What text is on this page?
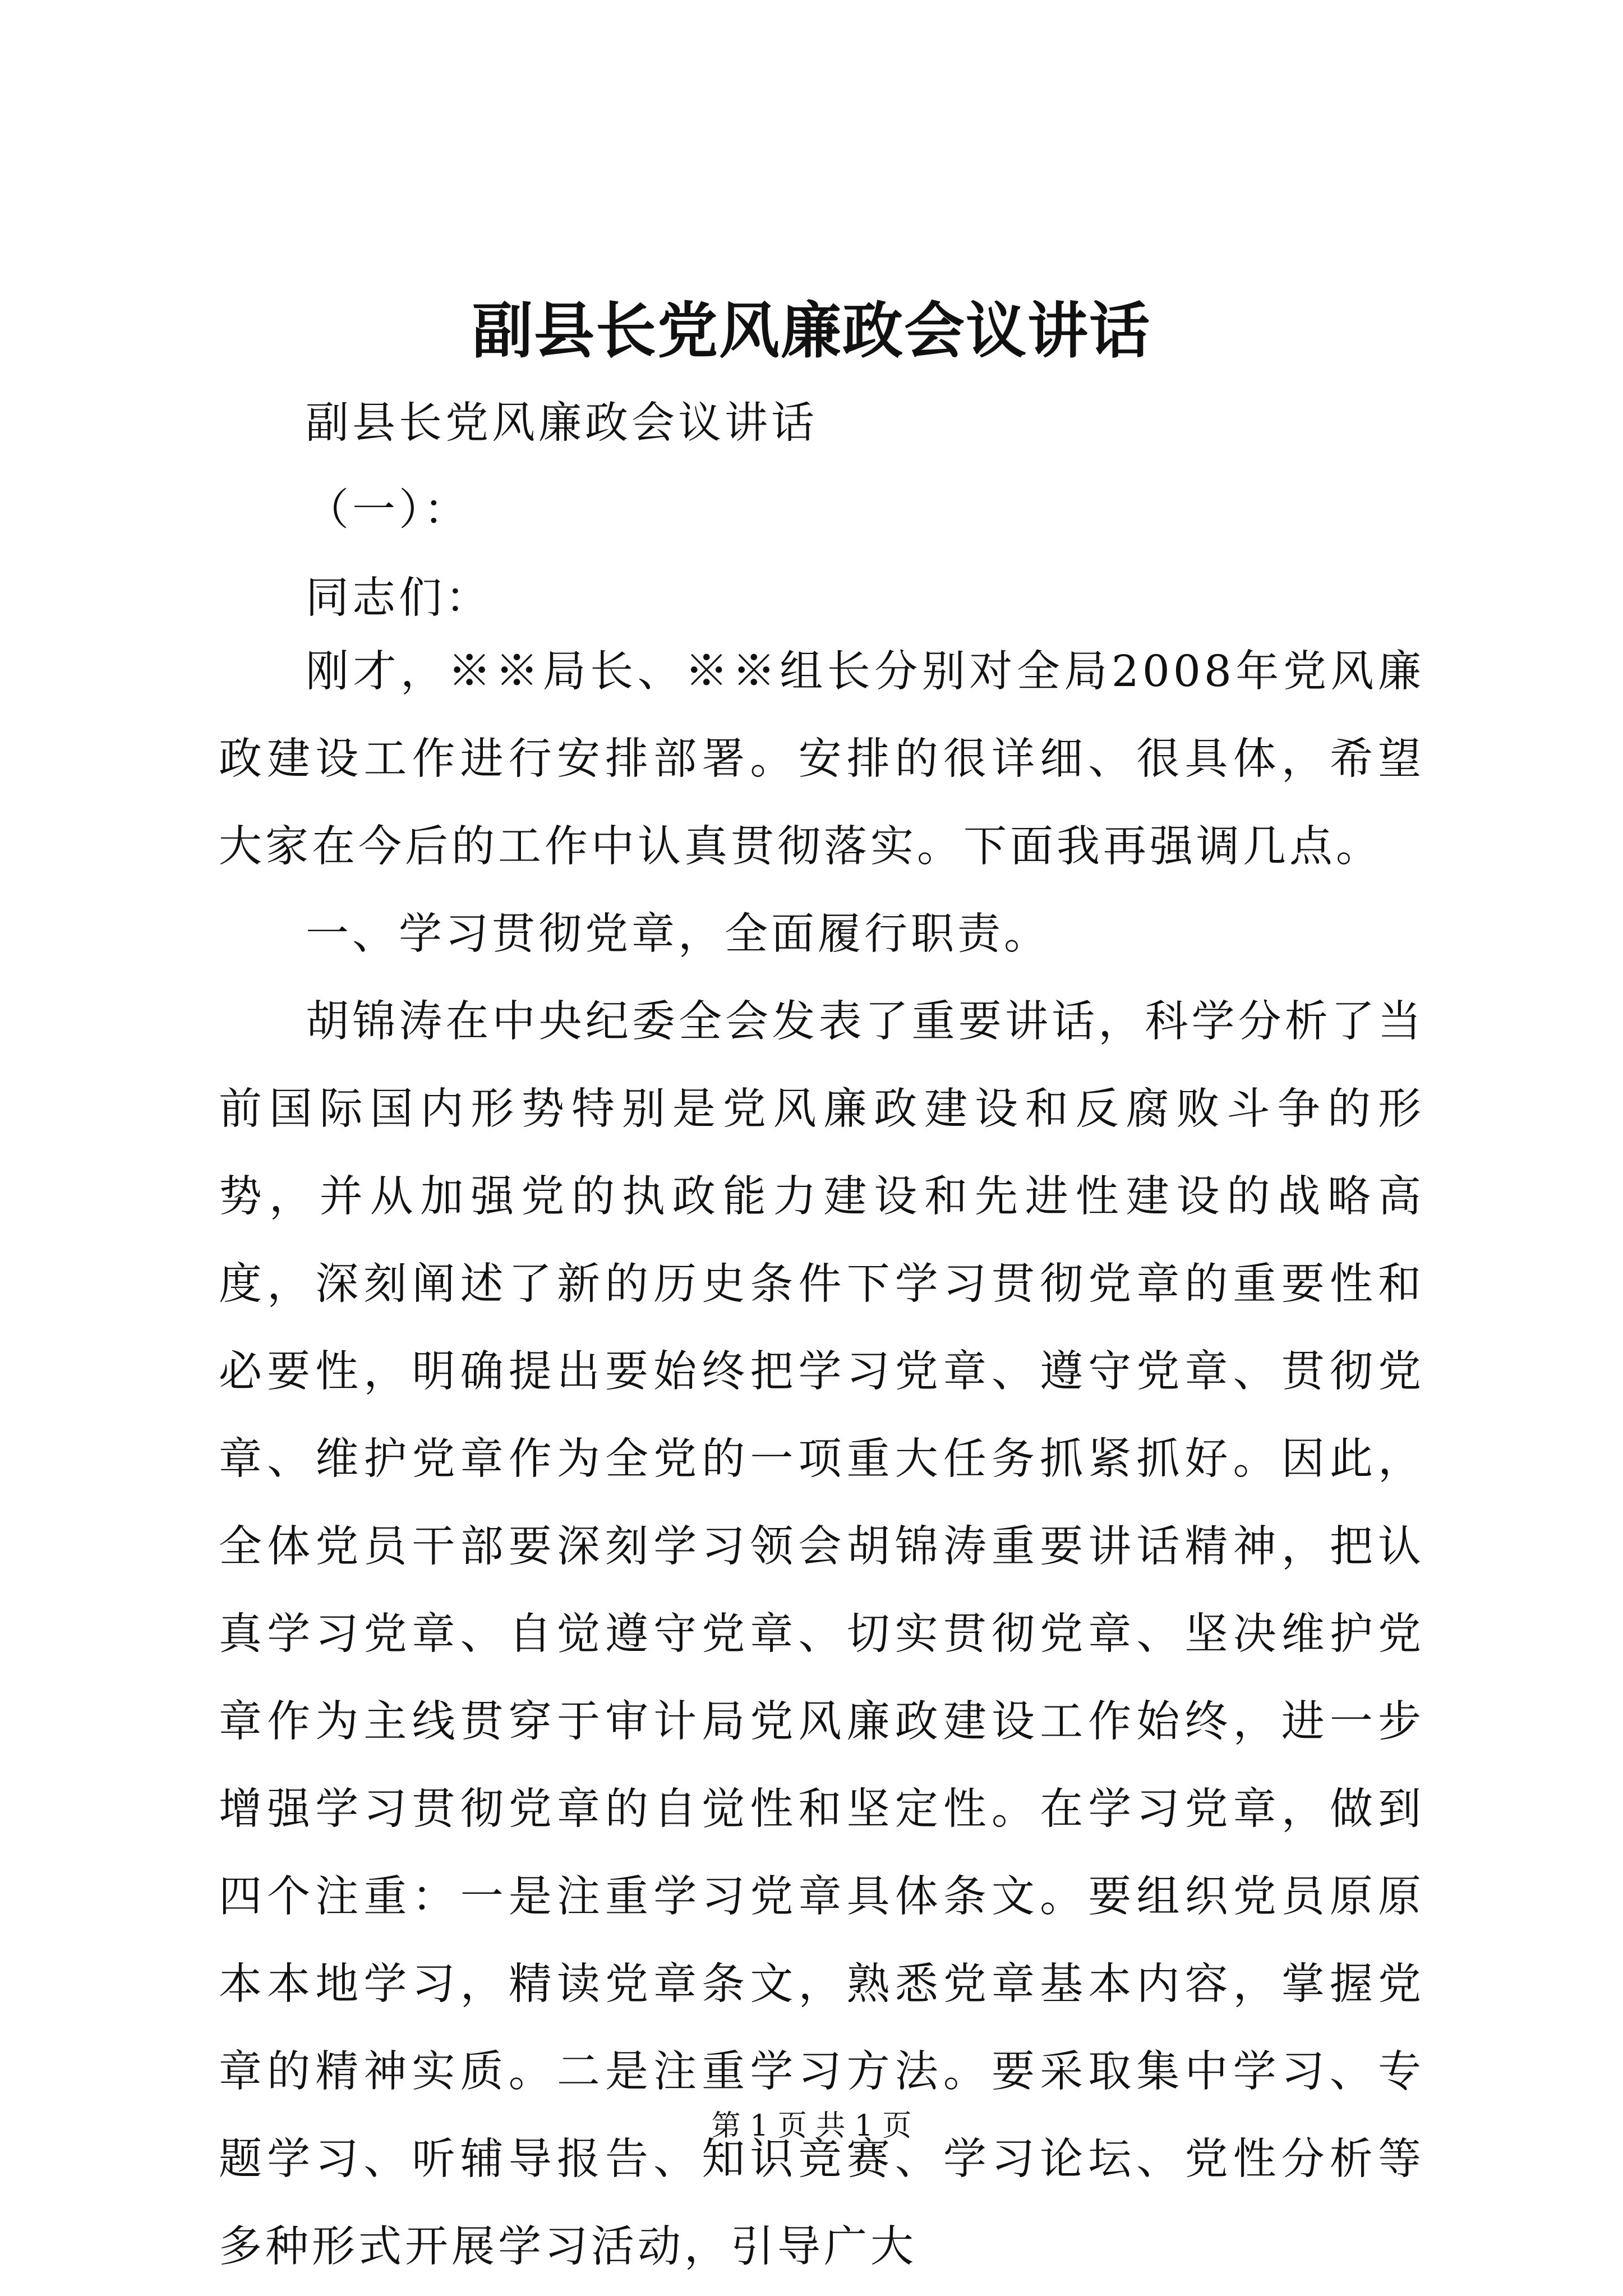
副县长党风廉政会议讲话
副县长党风廉政会议讲话
（一）：
同志们：
刚才，※※局长、※※组长分别对全局2008年党风廉政建设工作进行安排部署。安排的很详细、很具体，希望大家在今后的工作中认真贯彻落实。下面我再强调几点。
一、学习贯彻党章，全面履行职责。
胡锦涛在中央纪委全会发表了重要讲话，科学分析了当前国际国内形势特别是党风廉政建设和反腐败斗争的形势，并从加强党的执政能力建设和先进性建设的战略高度，深刻阐述了新的历史条件下学习贯彻党章的重要性和必要性，明确提出要始终把学习党章、遵守党章、贯彻党章、维护党章作为全党的一项重大任务抓紧抓好。因此，全体党员干部要深刻学习领会胡锦涛重要讲话精神，把认真学习党章、自觉遵守党章、切实贯彻党章、坚决维护党章作为主线贯穿于审计局党风廉政建设工作始终，进一步增强学习贯彻党章的自觉性和坚定性。在学习党章，做到四个注重：一是注重学习党章具体条文。要组织党员原原本本地学习，精读党章条文，熟悉党章基本内容，掌握党章的精神实质。二是注重学习方法。要采取集中学习、专题学习、听辅导报告、知识竞赛、学习论坛、党性分析等多种形式开展学习活动，引导广大
第 1 页 共 1 页
